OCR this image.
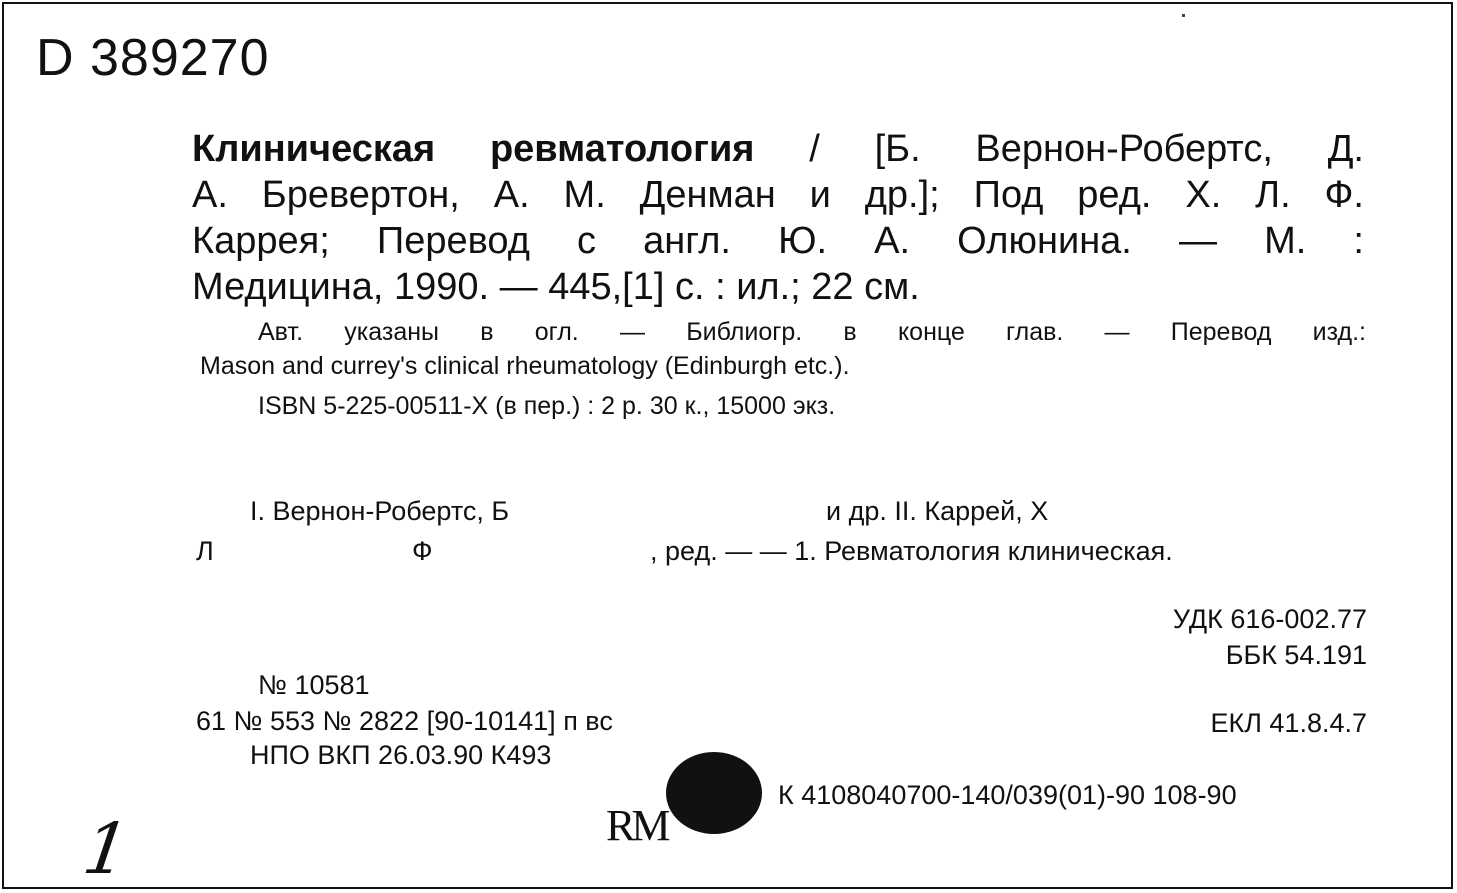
D 389270
Клиническая ревматология / [Б. Вернон-Робертс, Д.
А. Бревертон, А. М. Денман и др.]; Под ред. Х. Л. Ф.
Каррея; Перевод с англ. Ю. А. Олюнина. — М. :
Медицина, 1990. — 445,[1] с. : ил.; 22 см.
Авт. указаны в огл. — Библиогр. в конце глав. — Перевод изд.:
Mason and currey's clinical rheumatology (Edinburgh etc.).
ISBN 5-225-00511-X (в пер.) : 2 р. 30 к., 15000 экз.
I. Вернон-Робертс, Б	и др. II. Каррей, Х
Л	Ф	, ред. — — 1. Ревматология клиническая.
УДК 616-002.77
ББК 54.191
ЕКЛ 41.8.4.7
№ 10581
61 № 553 № 2822 [90-10141] п вс
НПО ВКП 26.03.90 К493
К 4108040700-140/039(01)-90 108-90
RM
1
